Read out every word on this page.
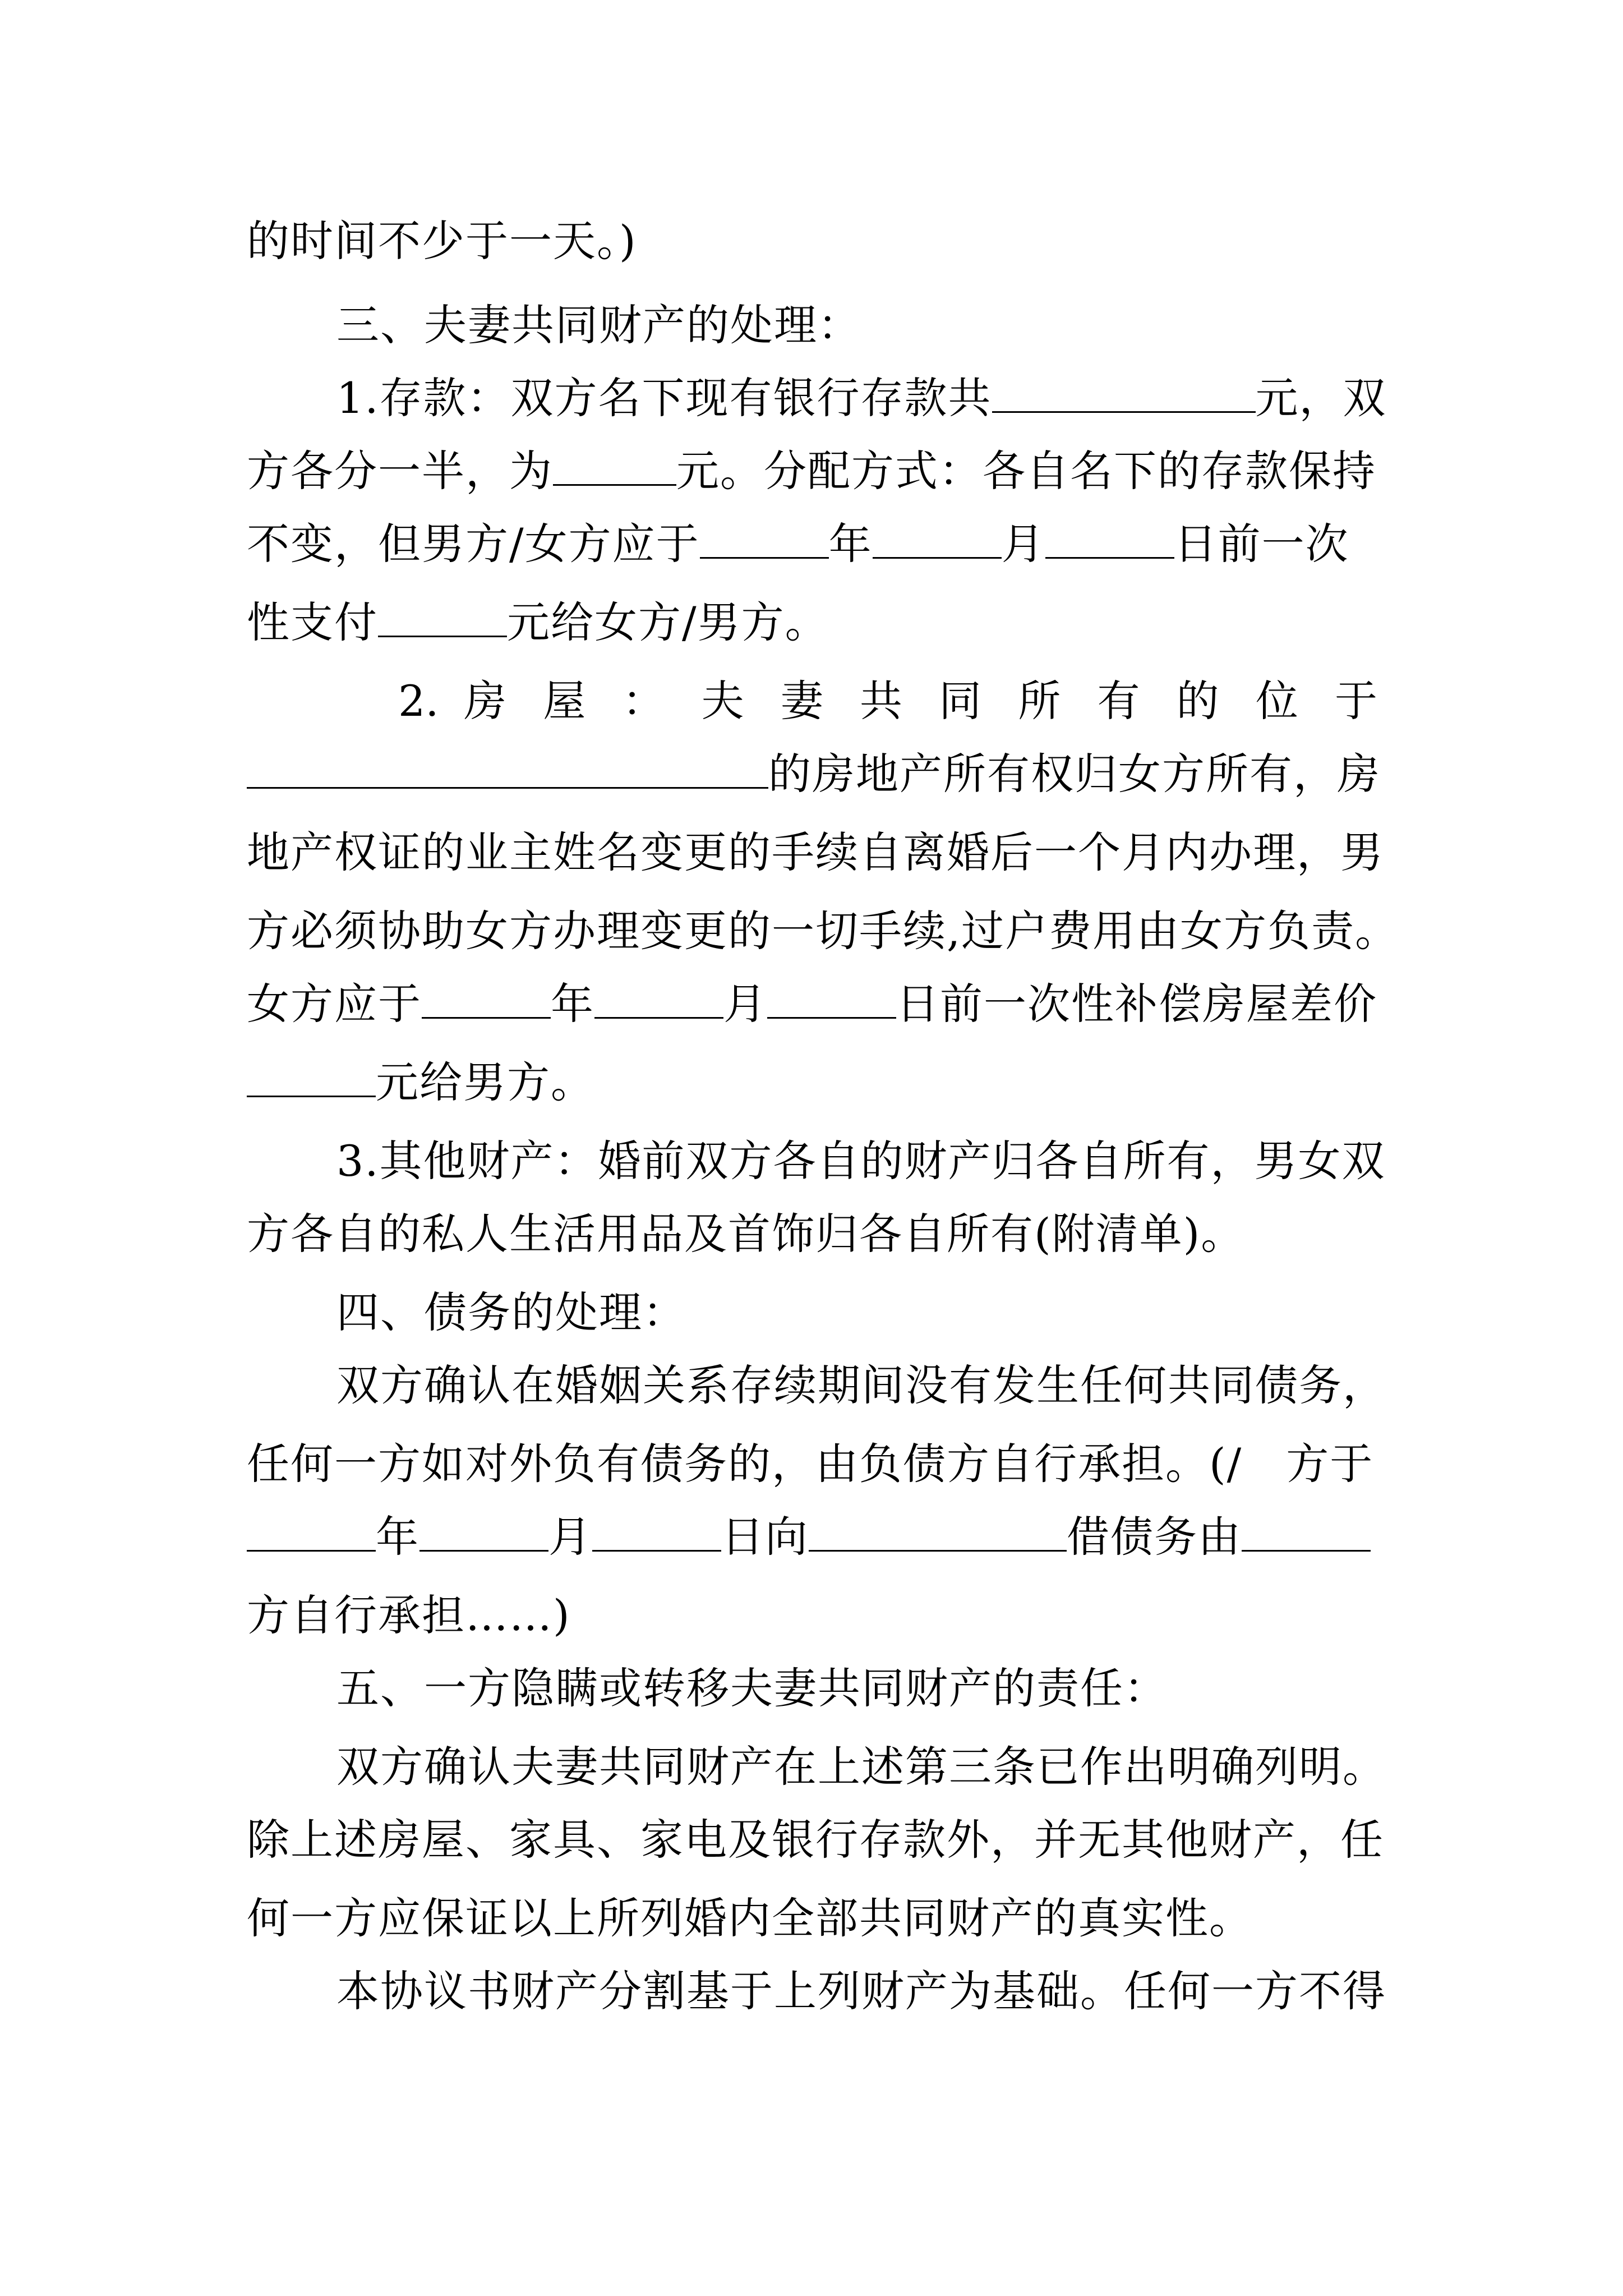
的时间不少于一天。)
三、夫妻共同财产的处理：
1.存款：双方名下现有银行存款共	元，双
方各分一半，为	元。分配方式：各自名下的存款保持
不变，但男方/女方应于	年	月	日前一次
性支付	元给女方/男方。
2. 房 屋 ： 夫 妻 共 同 所 有 的 位 于
的房地产所有权归女方所有，房
地产权证的业主姓名变更的手续自离婚后一个月内办理，男
方必须协助女方办理变更的一切手续,过户费用由女方负责。
女方应于	年	月	日前一次性补偿房屋差价
元给男方。
3.其他财产：婚前双方各自的财产归各自所有，男女双
方各自的私人生活用品及首饰归各自所有(附清单)。
四、债务的处理：
双方确认在婚姻关系存续期间没有发生任何共同债务，
任何一方如对外负有债务的，由负债方自行承担。(/　方于
年	月	日向	借债务由
方自行承担……)
五、一方隐瞒或转移夫妻共同财产的责任：
双方确认夫妻共同财产在上述第三条已作出明确列明。
除上述房屋、家具、家电及银行存款外，并无其他财产，任
何一方应保证以上所列婚内全部共同财产的真实性。
本协议书财产分割基于上列财产为基础。任何一方不得
